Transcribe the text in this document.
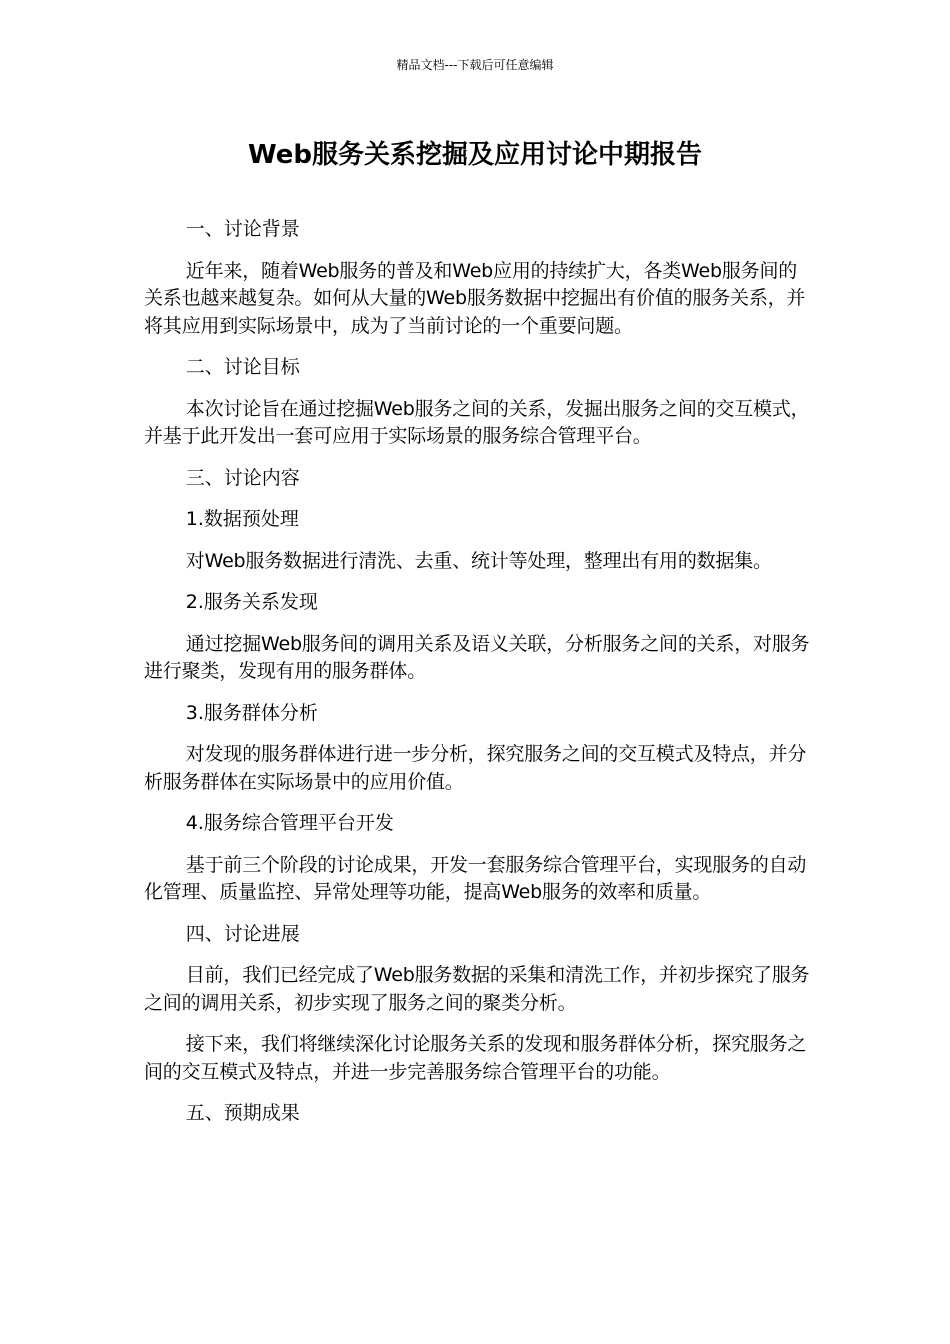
精品文档---下载后可任意编辑
Web服务关系挖掘及应用讨论中期报告
一、讨论背景
近年来，随着Web服务的普及和Web应用的持续扩大，各类Web服务间的关系也越来越复杂。如何从大量的Web服务数据中挖掘出有价值的服务关系，并将其应用到实际场景中，成为了当前讨论的一个重要问题。
二、讨论目标
本次讨论旨在通过挖掘Web服务之间的关系，发掘出服务之间的交互模式，并基于此开发出一套可应用于实际场景的服务综合管理平台。
三、讨论内容
1.数据预处理
对Web服务数据进行清洗、去重、统计等处理，整理出有用的数据集。
2.服务关系发现
通过挖掘Web服务间的调用关系及语义关联，分析服务之间的关系，对服务进行聚类，发现有用的服务群体。
3.服务群体分析
对发现的服务群体进行进一步分析，探究服务之间的交互模式及特点，并分析服务群体在实际场景中的应用价值。
4.服务综合管理平台开发
基于前三个阶段的讨论成果，开发一套服务综合管理平台，实现服务的自动化管理、质量监控、异常处理等功能，提高Web服务的效率和质量。
四、讨论进展
目前，我们已经完成了Web服务数据的采集和清洗工作，并初步探究了服务之间的调用关系，初步实现了服务之间的聚类分析。
接下来，我们将继续深化讨论服务关系的发现和服务群体分析，探究服务之间的交互模式及特点，并进一步完善服务综合管理平台的功能。
五、预期成果
